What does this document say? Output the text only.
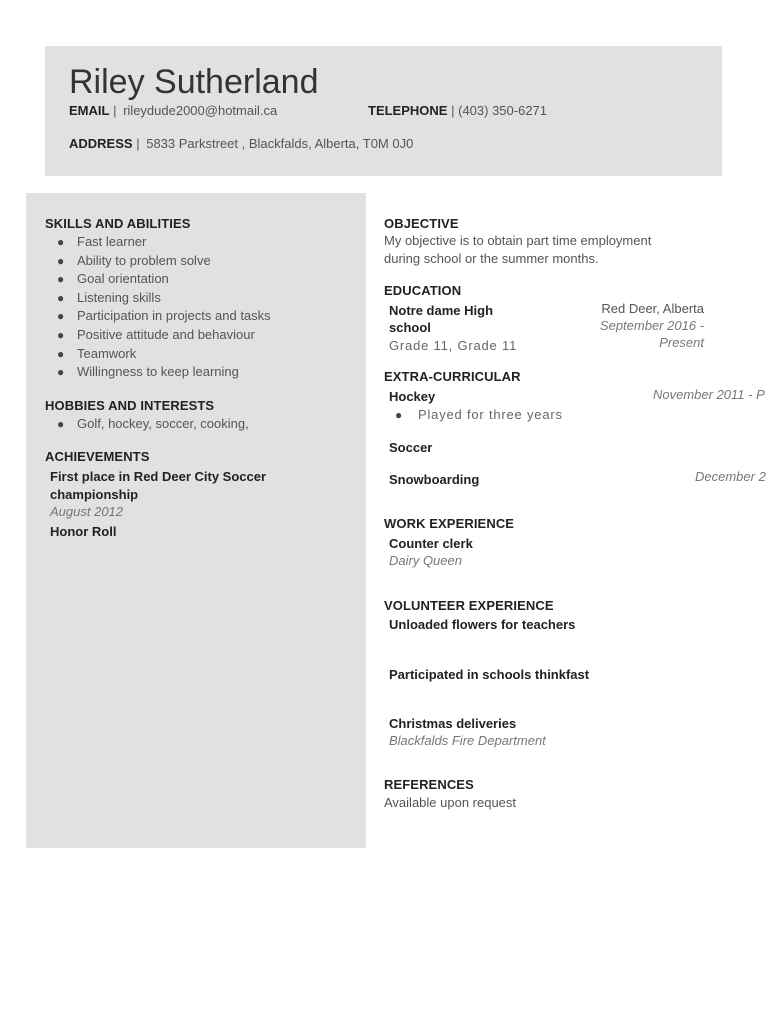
Riley Sutherland
EMAIL | rileydude2000@hotmail.ca	TELEPHONE | (403) 350-6271
ADDRESS | 5833 Parkstreet , Blackfalds, Alberta, T0M 0J0
SKILLS AND ABILITIES
● Fast learner
● Ability to problem solve
● Goal orientation
● Listening skills
● Participation in projects and tasks
● Positive attitude and behaviour
● Teamwork
● Willingness to keep learning
HOBBIES AND INTERESTS
● Golf, hockey, soccer, cooking,
ACHIEVEMENTS
First place in Red Deer City Soccer
championship
August 2012
Honor Roll
OBJECTIVE
My objective is to obtain part time employment
during school or the summer months.
EDUCATION
Notre dame High
school
Grade 11, Grade 11
Red Deer, Alberta
September 2016 -
Present
EXTRA-CURRICULAR
Hockey	November 2011 - P
● Played for three years
Soccer
Snowboarding	December 2
WORK EXPERIENCE
Counter clerk
Dairy Queen
VOLUNTEER EXPERIENCE
Unloaded flowers for teachers
Participated in schools thinkfast
Christmas deliveries
Blackfalds Fire Department
REFERENCES
Available upon request
